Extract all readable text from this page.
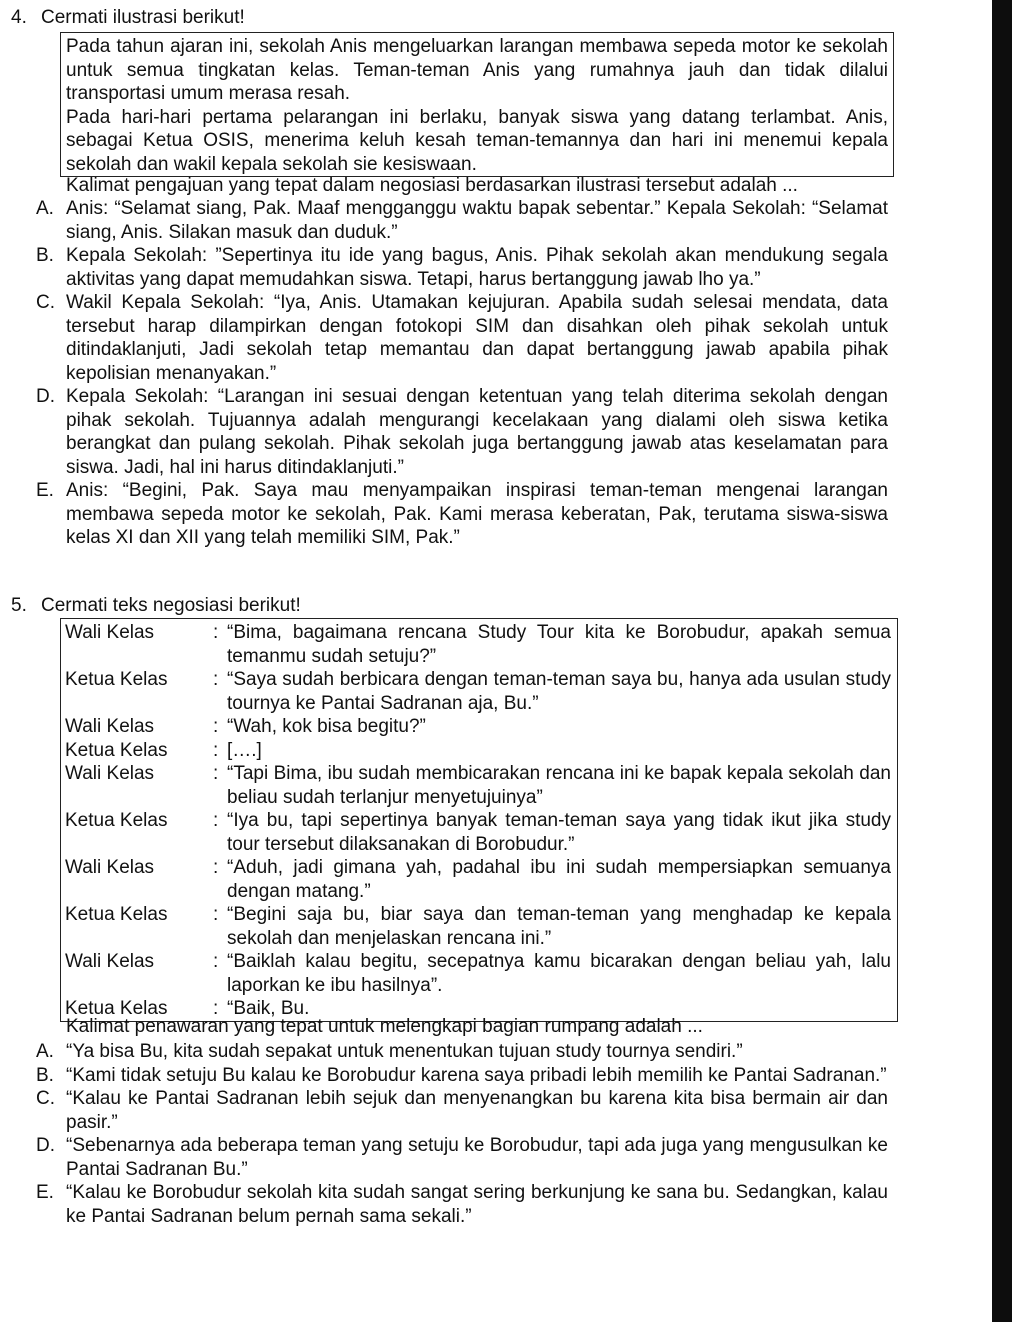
4. Cermati ilustrasi berikut!

Pada tahun ajaran ini, sekolah Anis mengeluarkan larangan membawa sepeda motor ke sekolah untuk semua tingkatan kelas. Teman-teman Anis yang rumahnya jauh dan tidak dilalui transportasi umum merasa resah.

Pada hari-hari pertama pelarangan ini berlaku, banyak siswa yang datang terlambat. Anis, sebagai Ketua OSIS, menerima keluh kesah teman-temannya dan hari ini menemui kepala sekolah dan wakil kepala sekolah sie kesiswaan.

Kalimat pengajuan yang tepat dalam negosiasi berdasarkan ilustrasi tersebut adalah ...
A. Anis: “Selamat siang, Pak. Maaf mengganggu waktu bapak sebentar.” Kepala Sekolah: “Selamat siang, Anis. Silakan masuk dan duduk.”
B. Kepala Sekolah: ”Sepertinya itu ide yang bagus, Anis. Pihak sekolah akan mendukung segala aktivitas yang dapat memudahkan siswa. Tetapi, harus bertanggung jawab lho ya.”
C. Wakil Kepala Sekolah: “Iya, Anis. Utamakan kejujuran. Apabila sudah selesai mendata, data tersebut harap dilampirkan dengan fotokopi SIM dan disahkan oleh pihak sekolah untuk ditindaklanjuti, Jadi sekolah tetap memantau dan dapat bertanggung jawab apabila pihak kepolisian menanyakan.”
D. Kepala Sekolah: “Larangan ini sesuai dengan ketentuan yang telah diterima sekolah dengan pihak sekolah. Tujuannya adalah mengurangi kecelakaan yang dialami oleh siswa ketika berangkat dan pulang sekolah. Pihak sekolah juga bertanggung jawab atas keselamatan para siswa. Jadi, hal ini harus ditindaklanjuti.”
E. Anis: “Begini, Pak. Saya mau menyampaikan inspirasi teman-teman mengenai larangan membawa sepeda motor ke sekolah, Pak. Kami merasa keberatan, Pak, terutama siswa-siswa kelas XI dan XII yang telah memiliki SIM, Pak.”
5. Cermati teks negosiasi berikut!
Wali Kelas	: “Bima, bagaimana rencana Study Tour kita ke Borobudur, apakah semua temanmu sudah setuju?”
Ketua Kelas	: “Saya sudah berbicara dengan teman-teman saya bu, hanya ada usulan study tournya ke Pantai Sadranan aja, Bu.”
Wali Kelas	: “Wah, kok bisa begitu?”
Ketua Kelas	: [….]
Wali Kelas	: “Tapi Bima, ibu sudah membicarakan rencana ini ke bapak kepala sekolah dan beliau sudah terlanjur menyetujuinya”
Ketua Kelas	: “Iya bu, tapi sepertinya banyak teman-teman saya yang tidak ikut jika study tour tersebut dilaksanakan di Borobudur.”
Wali Kelas	: “Aduh, jadi gimana yah, padahal ibu ini sudah mempersiapkan semuanya dengan matang.”
Ketua Kelas	: “Begini saja bu, biar saya dan teman-teman yang menghadap ke kepala sekolah dan menjelaskan rencana ini.”
Wali Kelas	: “Baiklah kalau begitu, secepatnya kamu bicarakan dengan beliau yah, lalu laporkan ke ibu hasilnya”.
Ketua Kelas	: “Baik, Bu.
Kalimat penawaran yang tepat untuk melengkapi bagian rumpang adalah ...
A. “Ya bisa Bu, kita sudah sepakat untuk menentukan tujuan study tournya sendiri.”
B. “Kami tidak setuju Bu kalau ke Borobudur karena saya pribadi lebih memilih ke Pantai Sadranan.”
C. “Kalau ke Pantai Sadranan lebih sejuk dan menyenangkan bu karena kita bisa bermain air dan pasir.”
D. “Sebenarnya ada beberapa teman yang setuju ke Borobudur, tapi ada juga yang mengusulkan ke Pantai Sadranan Bu.”
E. “Kalau ke Borobudur sekolah kita sudah sangat sering berkunjung ke sana bu. Sedangkan, kalau ke Pantai Sadranan belum pernah sama sekali.”
